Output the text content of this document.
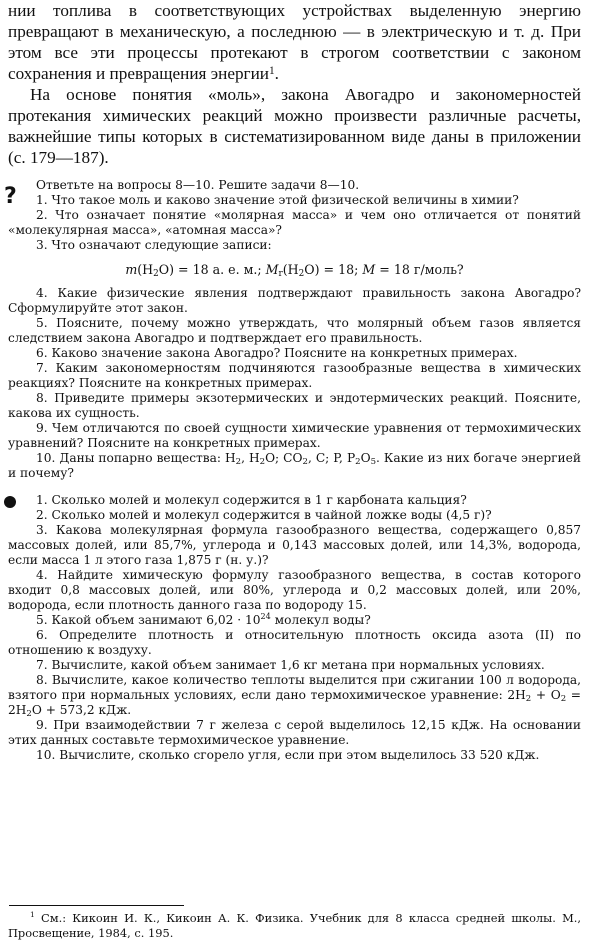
нии топлива в соответствующих устройствах выделенную энергию превращают в механическую, а последнюю — в электрическую и т. д. При этом все эти процессы протекают в строгом соответствии с законом сохранения и превращения энергии$^1$.

На основе понятия «моль», закона Авогадро и закономерностей протекания химических реакций можно произвести различные расчеты, важнейшие типы которых в систематизированном виде даны в приложении (с. 179—187).

?	Ответьте на вопросы 8—10. Решите задачи 8—10.

1. Что такое моль и каково значение этой физической величины в химии?

2. Что означает понятие «молярная масса» и чем оно отличается от понятий «молекулярная масса», «атомная масса»?

3. Что означают следующие записи:

$m(H_2O) = 18$ а. е. м.; $M_r(H_2O) = 18$; M = 18 г/моль?

4. Какие физические явления подтверждают правильность закона Авогадро? Сформулируйте этот закон.

5. Поясните, почему можно утверждать, что молярный объем газов является следствием закона Авогадро и подтверждает его правильность.

6. Каково значение закона Авогадро? Поясните на конкретных примерах.

7. Каким закономерностям подчиняются газообразные вещества в химических реакциях? Поясните на конкретных примерах.

8. Приведите примеры экзотермических и эндотермических реакций. Поясните, какова их сущность.

9. Чем отличаются по своей сущности химические уравнения от термохимических уравнений? Поясните на конкретных примерах.

10. Даны попарно вещества: $H_2$, $H_2O$; $CO_2$, C; P, $P_2O_5$. Какие из них богаче энергией и почему?

1. Сколько молей и молекул содержится в 1 г карбоната кальция?

2. Сколько молей и молекул содержится в чайной ложке воды (4,5 г)?

3. Какова молекулярная формула газообразного вещества, содержащего 0,857 массовых долей, или 85,7%, углерода и 0,143 массовых долей, или 14,3%, водорода, если масса 1 л этого газа 1,875 г (н. у.)?

4. Найдите химическую формулу газообразного вещества, в состав которого входит 0,8 массовых долей, или 80%, углерода и 0,2 массовых долей, или 20%, водорода, если плотность данного газа по водороду 15.

5. Какой объем занимают $6,02 \cdot 10^{24}$ молекул воды?

6. Определите плотность и относительную плотность оксида азота (II) по отношению к воздуху.

7. Вычислите, какой объем занимает 1,6 кг метана при нормальных условиях.

8. Вычислите, какое количество теплоты выделится при сжигании 100 л водорода, взятого при нормальных условиях, если дано термохимическое уравнение: $2H_2 + O_2 = 2H_2O + 573,2$ кДж.

9. При взаимодействии 7 г железа с серой выделилось 12,15 кДж. На основании этих данных составьте термохимическое уравнение.

10. Вычислите, сколько сгорело угля, если при этом выделилось 33 520 кДж.

$^1$ См.: Кикоин И. К., Кикоин А. К. Физика. Учебник для 8 класса средней школы. М., Просвещение, 1984, с. 195.
